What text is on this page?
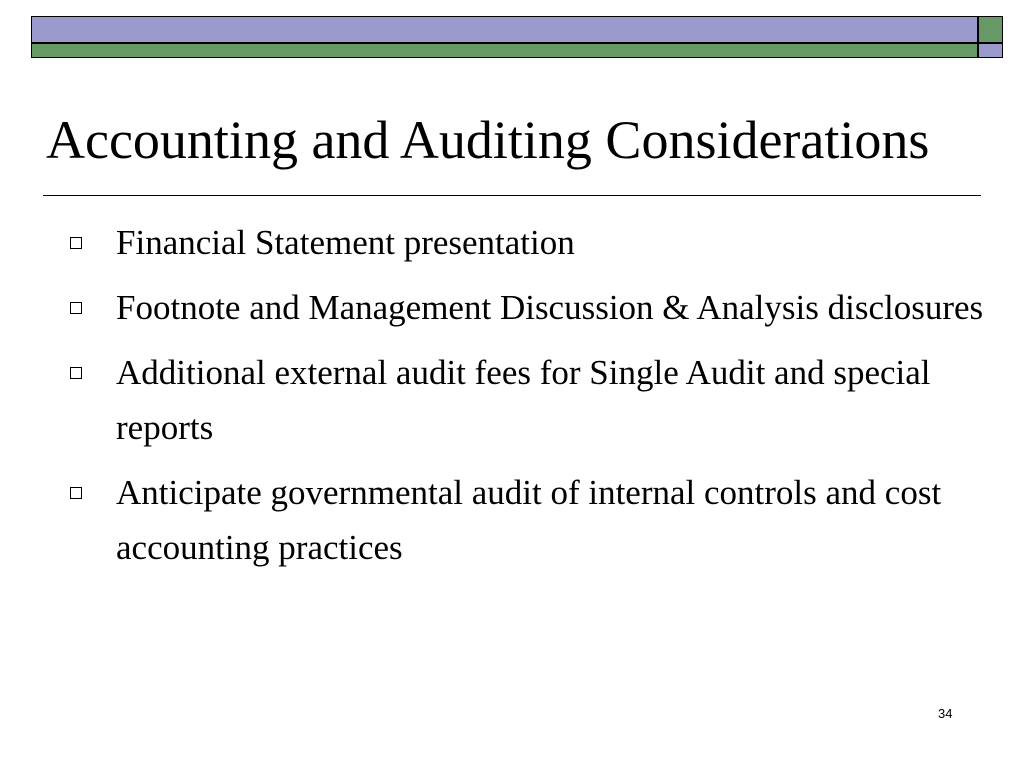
Accounting and Auditing Considerations
Financial Statement presentation
Footnote and Management Discussion & Analysis disclosures
Additional external audit fees for Single Audit and special reports
Anticipate governmental audit of internal controls and cost accounting practices
34
